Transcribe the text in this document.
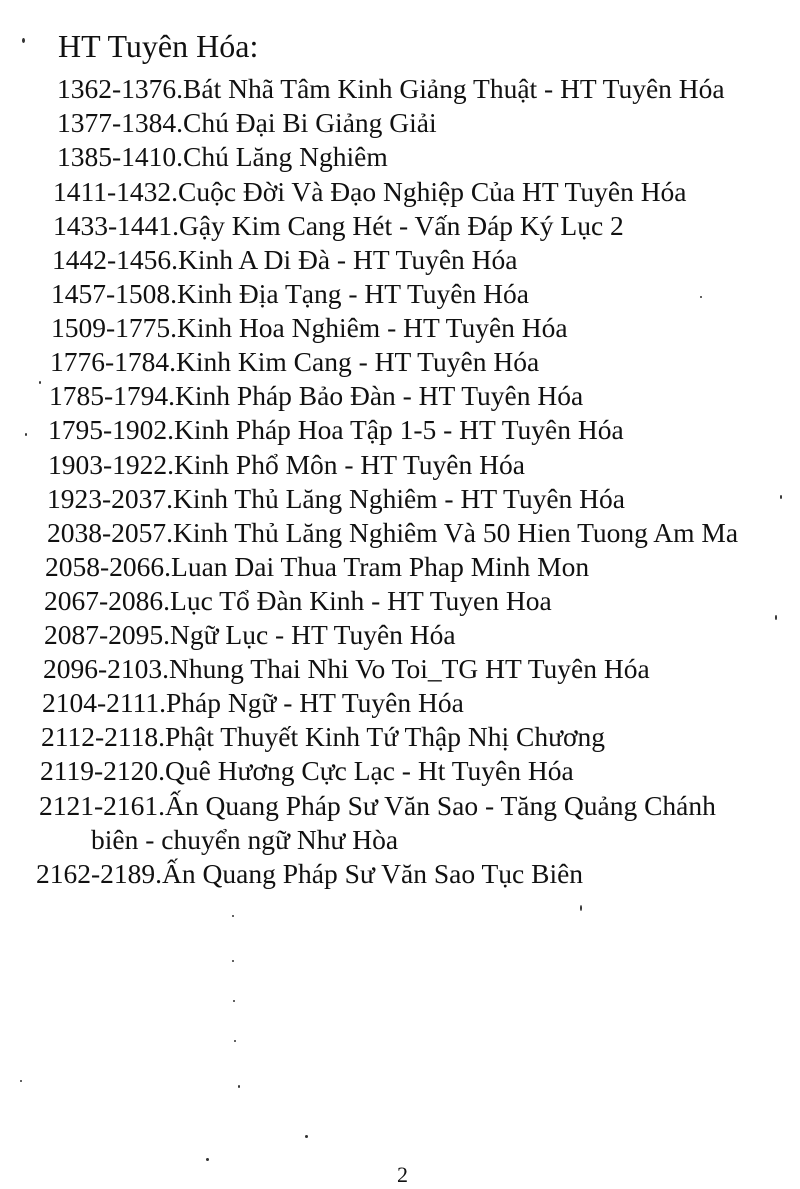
HT Tuyên Hóa:
1362-1376.Bát Nhã Tâm Kinh Giảng Thuật - HT Tuyên Hóa
1377-1384.Chú Đại Bi Giảng Giải
1385-1410.Chú Lăng Nghiêm
1411-1432.Cuộc Đời Và Đạo Nghiệp Của HT Tuyên Hóa
1433-1441.Gậy Kim Cang Hét - Vấn Đáp Ký Lục 2
1442-1456.Kinh A Di Đà - HT Tuyên Hóa
1457-1508.Kinh Địa Tạng - HT Tuyên Hóa
1509-1775.Kinh Hoa Nghiêm - HT Tuyên Hóa
1776-1784.Kinh Kim Cang - HT Tuyên Hóa
1785-1794.Kinh Pháp Bảo Đàn - HT Tuyên Hóa
1795-1902.Kinh Pháp Hoa Tập 1-5 - HT Tuyên Hóa
1903-1922.Kinh Phổ Môn - HT Tuyên Hóa
1923-2037.Kinh Thủ Lăng Nghiêm - HT Tuyên Hóa
2038-2057.Kinh Thủ Lăng Nghiêm Và 50 Hien Tuong Am Ma
2058-2066.Luan Dai Thua Tram Phap Minh Mon
2067-2086.Lục Tổ Đàn Kinh - HT Tuyen Hoa
2087-2095.Ngữ Lục - HT Tuyên Hóa
2096-2103.Nhung Thai Nhi Vo Toi_TG HT Tuyên Hóa
2104-2111.Pháp Ngữ - HT Tuyên Hóa
2112-2118.Phật Thuyết Kinh Tứ Thập Nhị Chương
2119-2120.Quê Hương Cực Lạc - Ht Tuyên Hóa
2121-2161.Ấn Quang Pháp Sư Văn Sao - Tăng Quảng Chánh
biên - chuyển ngữ Như Hòa
2162-2189.Ấn Quang Pháp Sư Văn Sao Tục Biên
2
